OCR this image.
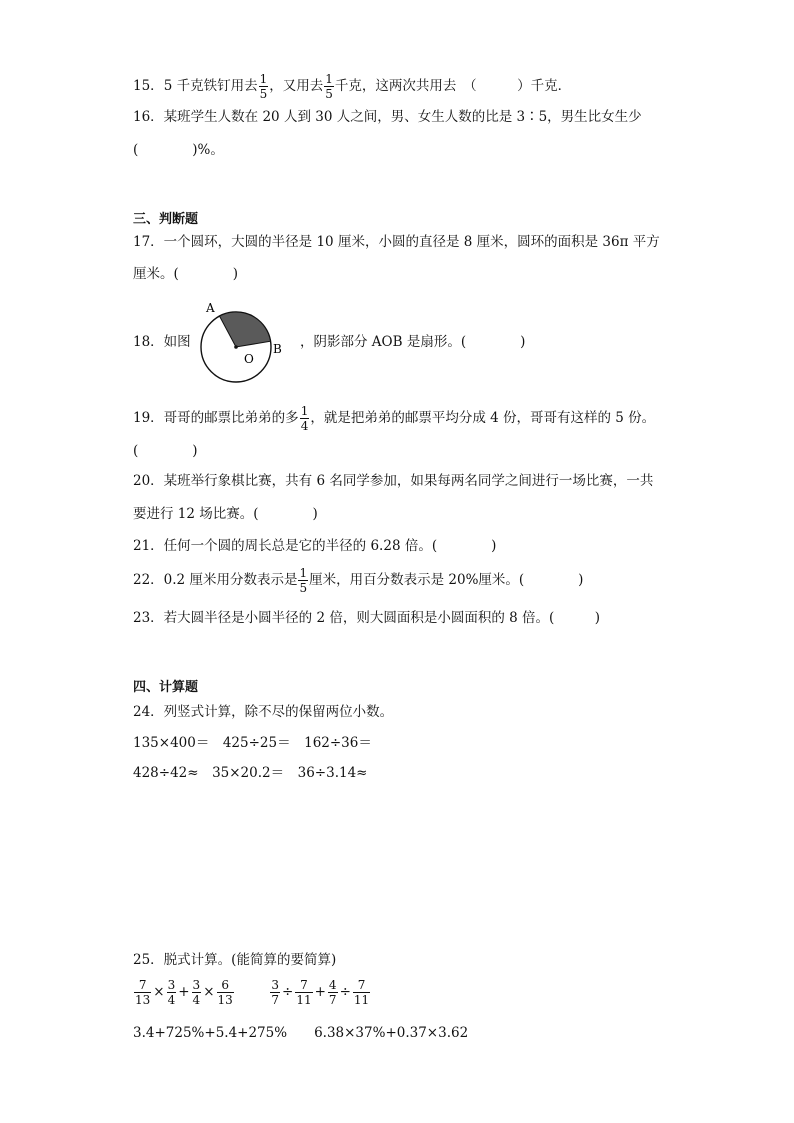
15．5 千克铁钉用去 $\frac{1}{5}$ ，又用去 $\frac{1}{5}$ 千克，这两次共用去　（　　　）千克．
16．某班学生人数在 20 人到 30 人之间，男、女生人数的比是 3∶5，男生比女生少
(　　　　)%。
三、判断题
17．一个圆环，大圆的半径是 10 厘米，小圆的直径是 8 厘米，圆环的面积是 36π 平方
厘米。(　　　　)
18．如图
A
B
O
，阴影部分 AOB 是扇形。(　　　　)
19．哥哥的邮票比弟弟的多 $\frac{1}{4}$ ，就是把弟弟的邮票平均分成 4 份，哥哥有这样的 5 份。
(　　　　)
20．某班举行象棋比赛，共有 6 名同学参加，如果每两名同学之间进行一场比赛，一共
要进行 12 场比赛。(　　　　)
21．任何一个圆的周长总是它的半径的 6.28 倍。(　　　　)
22．0.2 厘米用分数表示是 $\frac{1}{5}$ 厘米，用百分数表示是 20%厘米。(　　　　)
23．若大圆半径是小圆半径的 2 倍，则大圆面积是小圆面积的 8 倍。(　　　)
四、计算题
24．列竖式计算，除不尽的保留两位小数。
135×400＝　425÷25＝　162÷36＝
428÷42≈　35×20.2＝　36÷3.14≈
25．脱式计算。(能简算的要简算)
$\frac{7}{13} \times \frac{3}{4} + \frac{3}{4} \times \frac{6}{13}$
	$\frac{3}{7} \div \frac{7}{11} + \frac{4}{7} \div \frac{7}{11}$
3.4+725%+5.4+275%　　6.38×37%+0.37×3.62
